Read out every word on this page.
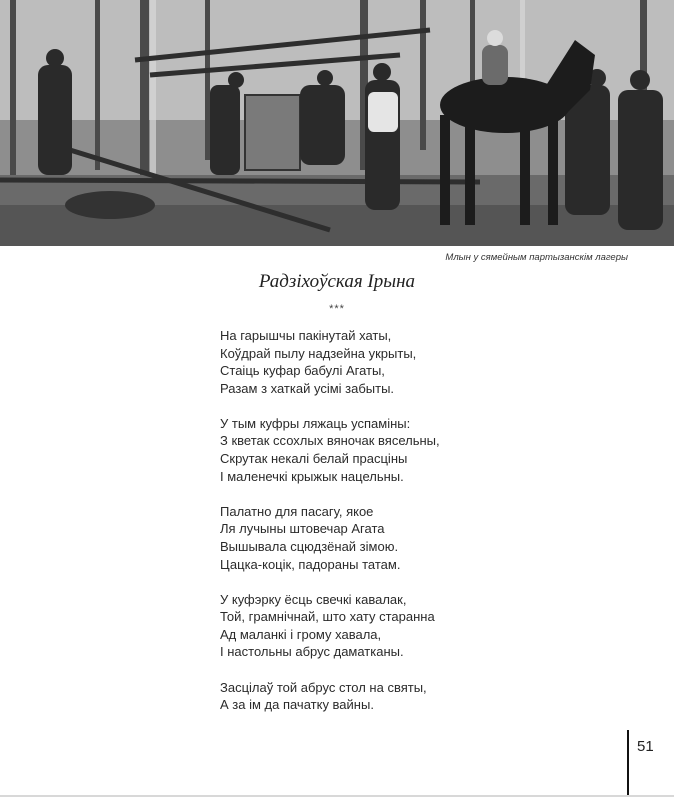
Млын у сямейным партызанскім лагеры
Радзіхоўская Ірына
***
На гарышчы пакінутай хаты,
Коўдрай пылу надзейна укрыты,
Стаіць куфар бабулі Агаты,
Разам з хаткай усімі забыты.
У тым куфры ляжаць успаміны:
З кветак ссохлых вяночак вясельны,
Скрутак некалі белай прасціны
І маленечкі крыжык нацельны.
Палатно для пасагу, якое
Ля лучыны штовечар Агата
Вышывала сцюдзёнай зімою.
Цацка-коцік, падораны татам.
У куфэрку ёсць свечкі кавалак,
Той, грамнічнай, што хату старанна
Ад маланкі і грому хавала,
І настольны абрус даматканы.
Засцілаў той абрус стол на святы,
А за ім да пачатку вайны.
51
